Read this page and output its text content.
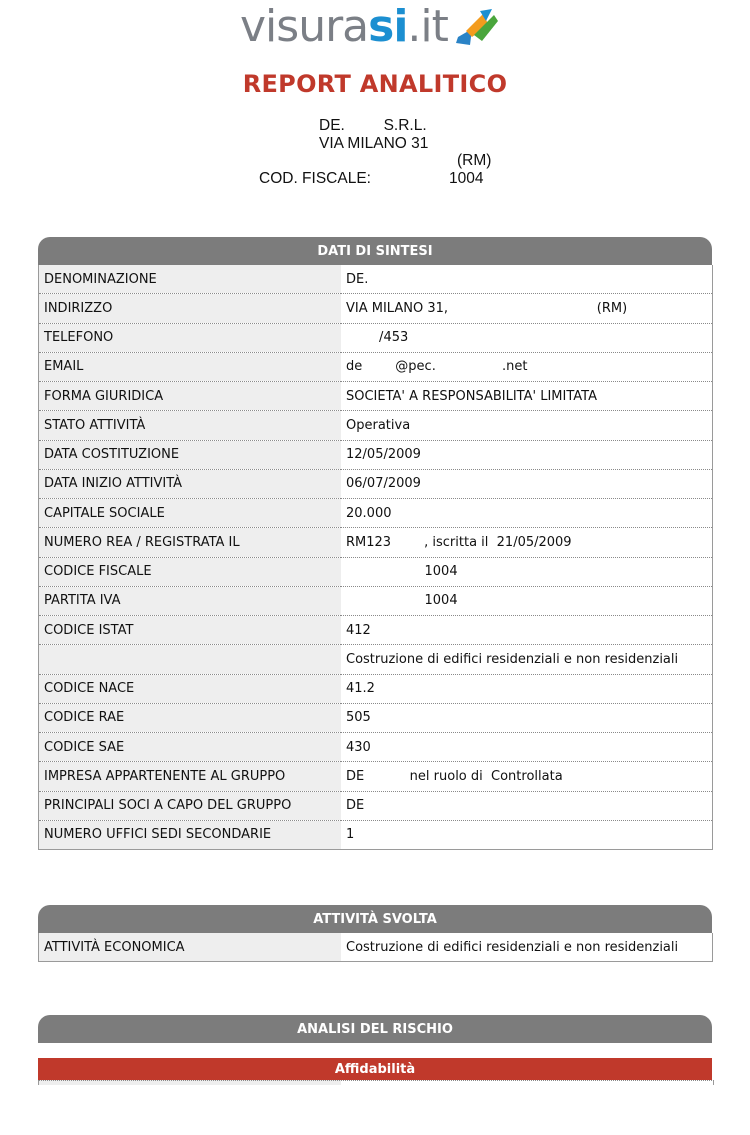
visurasi.it
REPORT ANALITICO
DE.         S.R.L.
VIA MILANO 31
(RM)
COD. FISCALE:	1004
DATI DI SINTESI
DENOMINAZIONE	DE.
INDIRIZZO	VIA MILANO 31,                                    (RM)
TELEFONO	/453
EMAIL	de        @pec.                .net
FORMA GIURIDICA	SOCIETA' A RESPONSABILITA' LIMITATA
STATO ATTIVITÀ	Operativa
DATA COSTITUZIONE	12/05/2009
DATA INIZIO ATTIVITÀ	06/07/2009
CAPITALE SOCIALE	20.000
NUMERO REA / REGISTRATA IL	RM123        , iscritta il  21/05/2009
CODICE FISCALE	1004
PARTITA IVA	1004
CODICE ISTAT	412
	Costruzione di edifici residenziali e non residenziali
CODICE NACE	41.2
CODICE RAE	505
CODICE SAE	430
IMPRESA APPARTENENTE AL GRUPPO	DE           nel ruolo di  Controllata
PRINCIPALI SOCI A CAPO DEL GRUPPO	DE
NUMERO UFFICI SEDI SECONDARIE	1
ATTIVITÀ SVOLTA
ATTIVITÀ ECONOMICA	Costruzione di edifici residenziali e non residenziali
ANALISI DEL RISCHIO
Affidabilità
